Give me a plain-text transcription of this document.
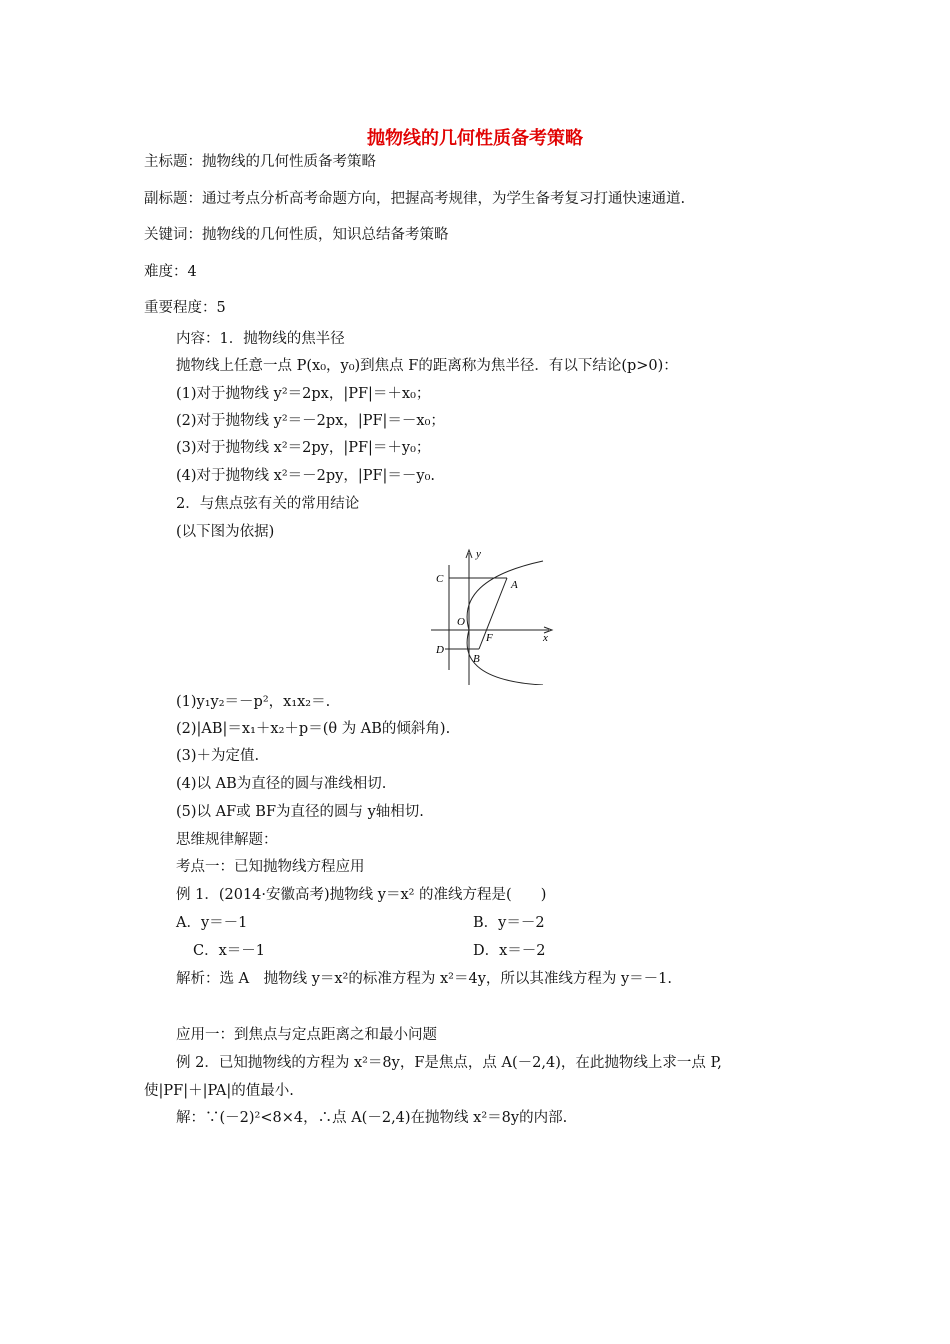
抛物线的几何性质备考策略
主标题：抛物线的几何性质备考策略
副标题：通过考点分析高考命题方向，把握高考规律，为学生备考复习打通快速通道.
关键词：抛物线的几何性质，知识总结备考策略
难度：4
重要程度：5
内容：1．抛物线的焦半径
抛物线上任意一点 P(x₀，y₀)到焦点 F的距离称为焦半径．有以下结论(p>0)：
(1)对于抛物线 y²＝2px，|PF|＝＋x₀；
(2)对于抛物线 y²＝－2px，|PF|＝－x₀；
(3)对于抛物线 x²＝2py，|PF|＝＋y₀；
(4)对于抛物线 x²＝－2py，|PF|＝－y₀.
2．与焦点弦有关的常用结论
(以下图为依据)
y
x
O
F
A
B
C
D
(1)y₁y₂＝－p²，x₁x₂＝.
(2)|AB|＝x₁＋x₂＋p＝(θ 为 AB的倾斜角).
(3)＋为定值.
(4)以 AB为直径的圆与准线相切.
(5)以 AF或 BF为直径的圆与 y轴相切.
思维规律解题：
考点一：已知抛物线方程应用
例 1．(2014·安徽高考)抛物线 y＝x² 的准线方程是(　　)
A．y＝－1	B．y＝－2
C．x＝－1	D．x＝－2
解析：选 A　抛物线 y＝x²的标准方程为 x²＝4y，所以其准线方程为 y＝－1.
应用一：到焦点与定点距离之和最小问题
例 2．已知抛物线的方程为 x²＝8y，F是焦点，点 A(－2,4)，在此抛物线上求一点 P,
使|PF|＋|PA|的值最小.
解：∵(－2)²<8×4，∴点 A(－2,4)在抛物线 x²＝8y的内部.
